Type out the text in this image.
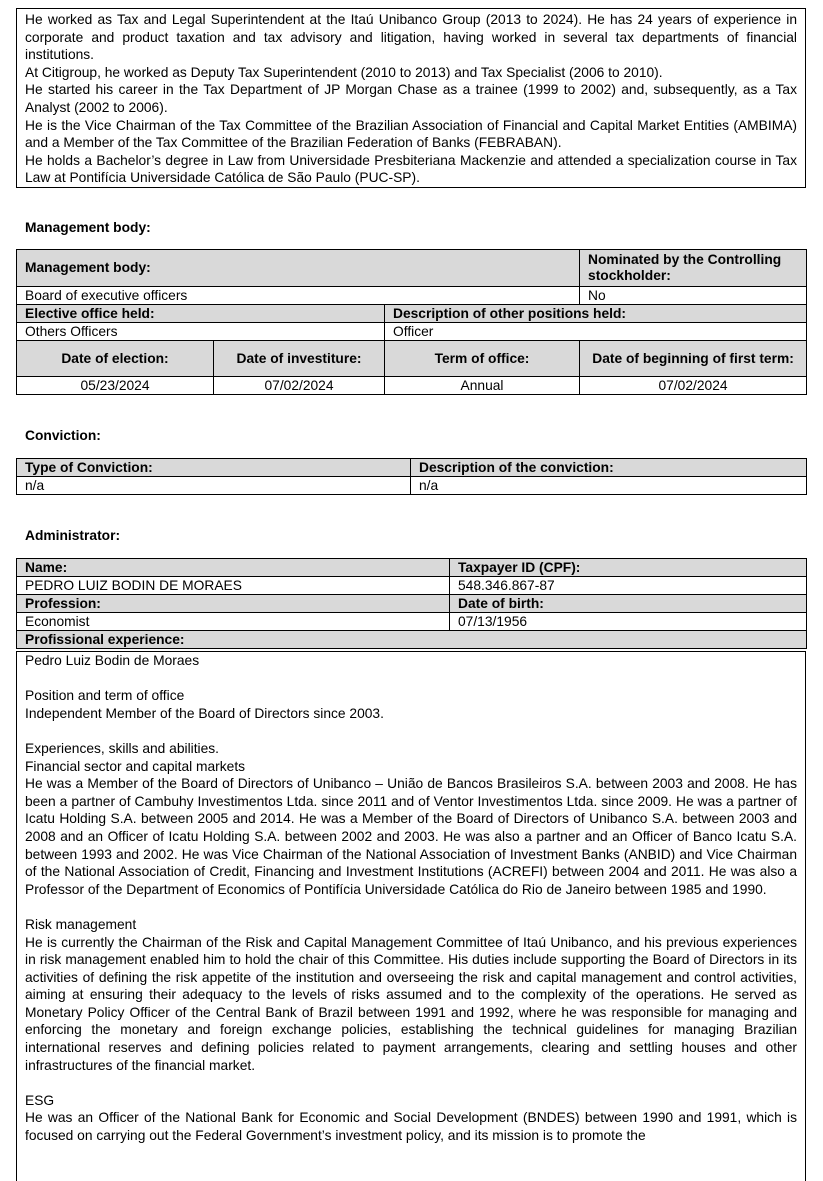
He worked as Tax and Legal Superintendent at the Itaú Unibanco Group (2013 to 2024). He has 24 years of experience in corporate and product taxation and tax advisory and litigation, having worked in several tax departments of financial institutions.

At Citigroup, he worked as Deputy Tax Superintendent (2010 to 2013) and Tax Specialist (2006 to 2010).

He started his career in the Tax Department of JP Morgan Chase as a trainee (1999 to 2002) and, subsequently, as a Tax Analyst (2002 to 2006).

He is the Vice Chairman of the Tax Committee of the Brazilian Association of Financial and Capital Market Entities (AMBIMA) and a Member of the Tax Committee of the Brazilian Federation of Banks (FEBRABAN).

He holds a Bachelor’s degree in Law from Universidade Presbiteriana Mackenzie and attended a specialization course in Tax Law at Pontifícia Universidade Católica de São Paulo (PUC-SP).

Management body:
Management body:			Nominated by the Controlling stockholder:
Board of executive officers			No
Elective office held:		Description of other positions held:	
Others Officers		Officer	
Date of election:	Date of investiture:	Term of office:	Date of beginning of first term:
05/23/2024	07/02/2024	Annual	07/02/2024
Conviction:
Type of Conviction:	Description of the conviction:
n/a	n/a
Administrator:
Name:	Taxpayer ID (CPF):
PEDRO LUIZ BODIN DE MORAES	548.346.867-87
Profession:	Date of birth:
Economist	07/13/1956
Profissional experience:	

Pedro Luiz Bodin de Moraes

Position and term of office

Independent Member of the Board of Directors since 2003.

Experiences, skills and abilities.

Financial sector and capital markets

He was a Member of the Board of Directors of Unibanco – União de Bancos Brasileiros S.A. between 2003 and 2008. He has been a partner of Cambuhy Investimentos Ltda. since 2011 and of Ventor Investimentos Ltda. since 2009. He was a partner of Icatu Holding S.A. between 2005 and 2014. He was a Member of the Board of Directors of Unibanco S.A. between 2003 and 2008 and an Officer of Icatu Holding S.A. between 2002 and 2003. He was also a partner and an Officer of Banco Icatu S.A. between 1993 and 2002. He was Vice Chairman of the National Association of Investment Banks (ANBID) and Vice Chairman of the National Association of Credit, Financing and Investment Institutions (ACREFI) between 2004 and 2011. He was also a Professor of the Department of Economics of Pontifícia Universidade Católica do Rio de Janeiro between 1985 and 1990.

Risk management

He is currently the Chairman of the Risk and Capital Management Committee of Itaú Unibanco, and his previous experiences in risk management enabled him to hold the chair of this Committee. His duties include supporting the Board of Directors in its activities of defining the risk appetite of the institution and overseeing the risk and capital management and control activities, aiming at ensuring their adequacy to the levels of risks assumed and to the complexity of the operations. He served as Monetary Policy Officer of the Central Bank of Brazil between 1991 and 1992, where he was responsible for managing and enforcing the monetary and foreign exchange policies, establishing the technical guidelines for managing Brazilian international reserves and defining policies related to payment arrangements, clearing and settling houses and other infrastructures of the financial market.

ESG

He was an Officer of the National Bank for Economic and Social Development (BNDES) between 1990 and 1991, which is focused on carrying out the Federal Government’s investment policy, and its mission is to promote the
